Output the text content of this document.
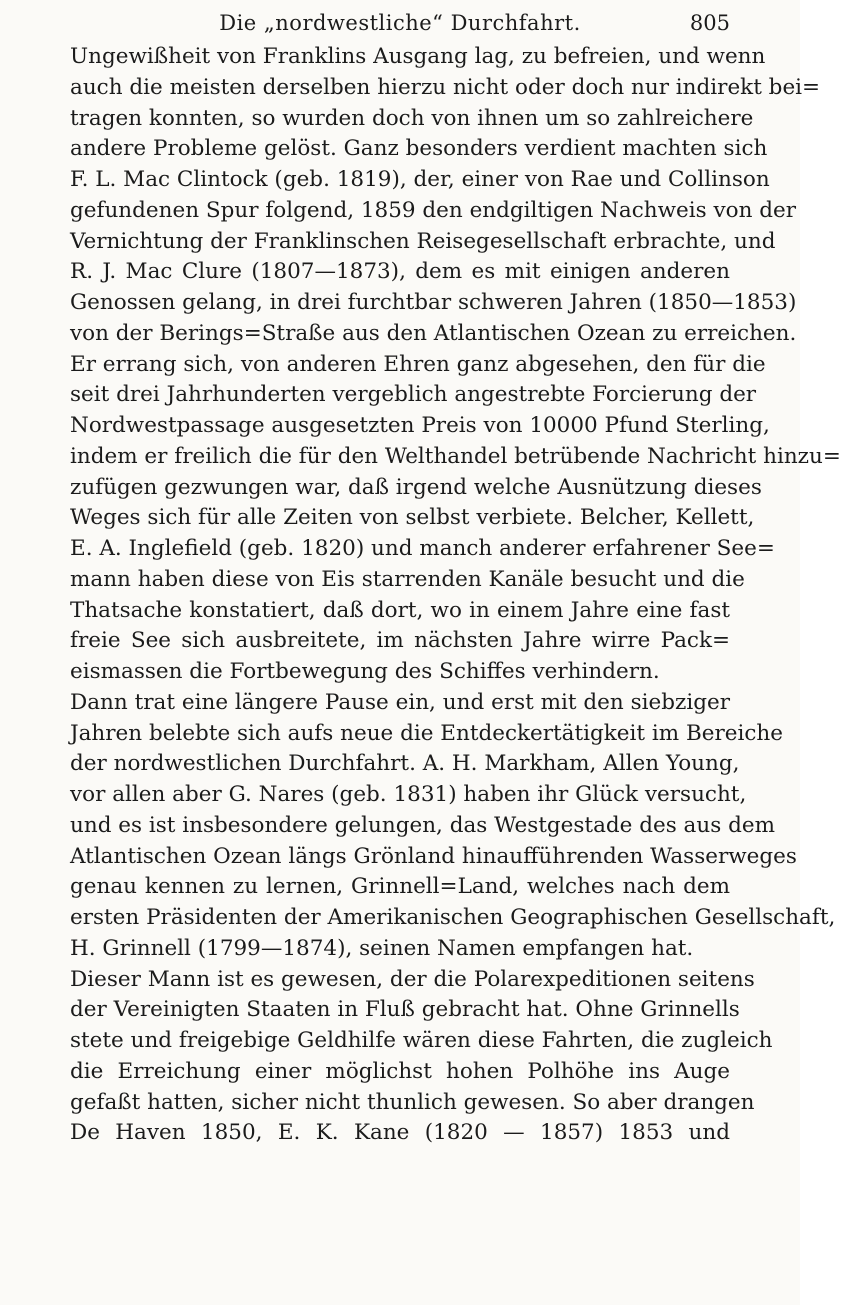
Die „nordwestliche“ Durchfahrt.	805
Ungewißheit von Franklins Ausgang lag, zu befreien, und wenn
auch die meisten derselben hierzu nicht oder doch nur indirekt bei=
tragen konnten, so wurden doch von ihnen um so zahlreichere
andere Probleme gelöst. Ganz besonders verdient machten sich
F. L. Mac Clintock (geb. 1819), der, einer von Rae und Collinson
gefundenen Spur folgend, 1859 den endgiltigen Nachweis von der
Vernichtung der Franklinschen Reisegesellschaft erbrachte, und
R. J. Mac Clure (1807—1873), dem es mit einigen anderen
Genossen gelang, in drei furchtbar schweren Jahren (1850—1853)
von der Berings=Straße aus den Atlantischen Ozean zu erreichen.
Er errang sich, von anderen Ehren ganz abgesehen, den für die
seit drei Jahrhunderten vergeblich angestrebte Forcierung der
Nordwestpassage ausgesetzten Preis von 10000 Pfund Sterling,
indem er freilich die für den Welthandel betrübende Nachricht hinzu=
zufügen gezwungen war, daß irgend welche Ausnützung dieses
Weges sich für alle Zeiten von selbst verbiete. Belcher, Kellett,
E. A. Inglefield (geb. 1820) und manch anderer erfahrener See=
mann haben diese von Eis starrenden Kanäle besucht und die
Thatsache konstatiert, daß dort, wo in einem Jahre eine fast
freie See sich ausbreitete, im nächsten Jahre wirre Pack=
eismassen die Fortbewegung des Schiffes verhindern.
Dann trat eine längere Pause ein, und erst mit den siebziger
Jahren belebte sich aufs neue die Entdeckertätigkeit im Bereiche
der nordwestlichen Durchfahrt. A. H. Markham, Allen Young,
vor allen aber G. Nares (geb. 1831) haben ihr Glück versucht,
und es ist insbesondere gelungen, das Westgestade des aus dem
Atlantischen Ozean längs Grönland hinaufführenden Wasserweges
genau kennen zu lernen, Grinnell=Land, welches nach dem
ersten Präsidenten der Amerikanischen Geographischen Gesellschaft,
H. Grinnell (1799—1874), seinen Namen empfangen hat.
Dieser Mann ist es gewesen, der die Polarexpeditionen seitens
der Vereinigten Staaten in Fluß gebracht hat. Ohne Grinnells
stete und freigebige Geldhilfe wären diese Fahrten, die zugleich
die Erreichung einer möglichst hohen Polhöhe ins Auge
gefaßt hatten, sicher nicht thunlich gewesen. So aber drangen
De Haven 1850, E. K. Kane (1820 — 1857) 1853 und
